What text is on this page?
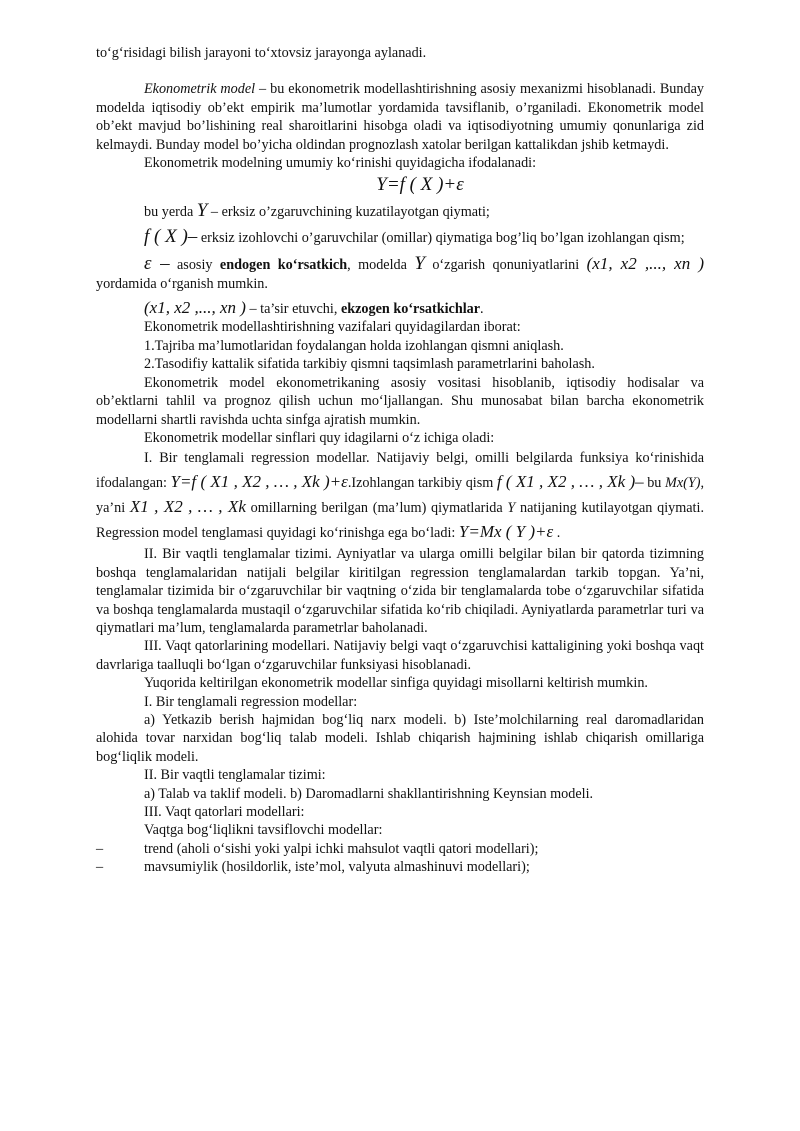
to‘g‘risidagi bilish jarayoni to‘xtovsiz jarayonga aylanadi.

Ekonometrik model – bu ekonometrik modellashtirishning asosiy mexanizmi hisoblanadi. Bunday modelda iqtisodiy ob’ekt empirik ma’lumotlar yordamida tavsiflanib, o’rganiladi. Ekonometrik model ob’ekt mavjud bo’lishining real sharoitlarini hisobga oladi va iqtisodiyotning umumiy qonunlariga zid kelmaydi. Bunday model bo’yicha oldindan prognozlash xatolar berilgan kattalikdan jshib ketmaydi.

Ekonometrik modelning umumiy ko‘rinishi quyidagicha ifodalanadi:

Y=f ( X )+ε

bu yerda Y – erksiz o’zgaruvchining kuzatilayotgan qiymati;

f ( X )– erksiz izohlovchi o’garuvchilar (omillar) qiymatiga bog’liq bo’lgan izohlangan qism;

ε – asosiy endogen ko‘rsatkich, modelda Y o‘zgarish qonuniyatlarini (x1, x2 ,..., xn ) yordamida o‘rganish mumkin.

(x1, x2 ,..., xn ) – ta’sir etuvchi, ekzogen ko‘rsatkichlar.

Ekonometrik modellashtirishning vazifalari quyidagilardan iborat:

1.Tajriba ma’lumotlaridan foydalangan holda izohlangan qismni aniqlash.

2.Tasodifiy kattalik sifatida tarkibiy qismni taqsimlash parametrlarini baholash.

Ekonometrik model ekonometrikaning asosiy vositasi hisoblanib, iqtisodiy hodisalar va ob’ektlarni tahlil va prognoz qilish uchun mo‘ljallangan. Shu munosabat bilan barcha ekonometrik modellarni shartli ravishda uchta sinfga ajratish mumkin.

Ekonometrik modellar sinflari quy idagilarni o‘z ichiga oladi:

I. Bir tenglamali regression modellar. Natijaviy belgi, omilli belgilarda funksiya ko‘rinishida ifodalangan: Y=f ( X1 , X2 , … , Xk )+ε.Izohlangan tarkibiy qism f ( X1 , X2 , … , Xk )– bu Mx(Y), ya’ni X1 , X2 , … , Xk omillarning berilgan (ma’lum) qiymatlarida Y natijaning kutilayotgan qiymati. Regression model tenglamasi quyidagi ko‘rinishga ega bo‘ladi: Y=Mx ( Y )+ε .

II. Bir vaqtli tenglamalar tizimi. Ayniyatlar va ularga omilli belgilar bilan bir qatorda tizimning boshqa tenglamalaridan natijali belgilar kiritilgan regression tenglamalardan tarkib topgan. Ya’ni, tenglamalar tizimida bir o‘zgaruvchilar bir vaqtning o‘zida bir tenglamalarda tobe o‘zgaruvchilar sifatida va boshqa tenglamalarda mustaqil o‘zgaruvchilar sifatida ko‘rib chiqiladi. Ayniyatlarda parametrlar turi va qiymatlari ma’lum, tenglamalarda parametrlar baholanadi.

III. Vaqt qatorlarining modellari. Natijaviy belgi vaqt o‘zgaruvchisi kattaligining yoki boshqa vaqt davrlariga taalluqli bo‘lgan o‘zgaruvchilar funksiyasi hisoblanadi.

Yuqorida keltirilgan ekonometrik modellar sinfiga quyidagi misollarni keltirish mumkin.

I. Bir tenglamali regression modellar:

a) Yetkazib berish hajmidan bog‘liq narx modeli. b) Iste’molchilarning real daromadlaridan alohida tovar narxidan bog‘liq talab modeli. Ishlab chiqarish hajmining ishlab chiqarish omillariga bog‘liqlik modeli.

II. Bir vaqtli tenglamalar tizimi:

a) Talab va taklif modeli. b) Daromadlarni shakllantirishning Keynsian modeli.

III. Vaqt qatorlari modellari:

Vaqtga bog‘liqlikni tavsiflovchi modellar:

–	trend (aholi o‘sishi yoki yalpi ichki mahsulot vaqtli qatori modellari);
–	mavsumiylik (hosildorlik, iste’mol, valyuta almashinuvi modellari);
